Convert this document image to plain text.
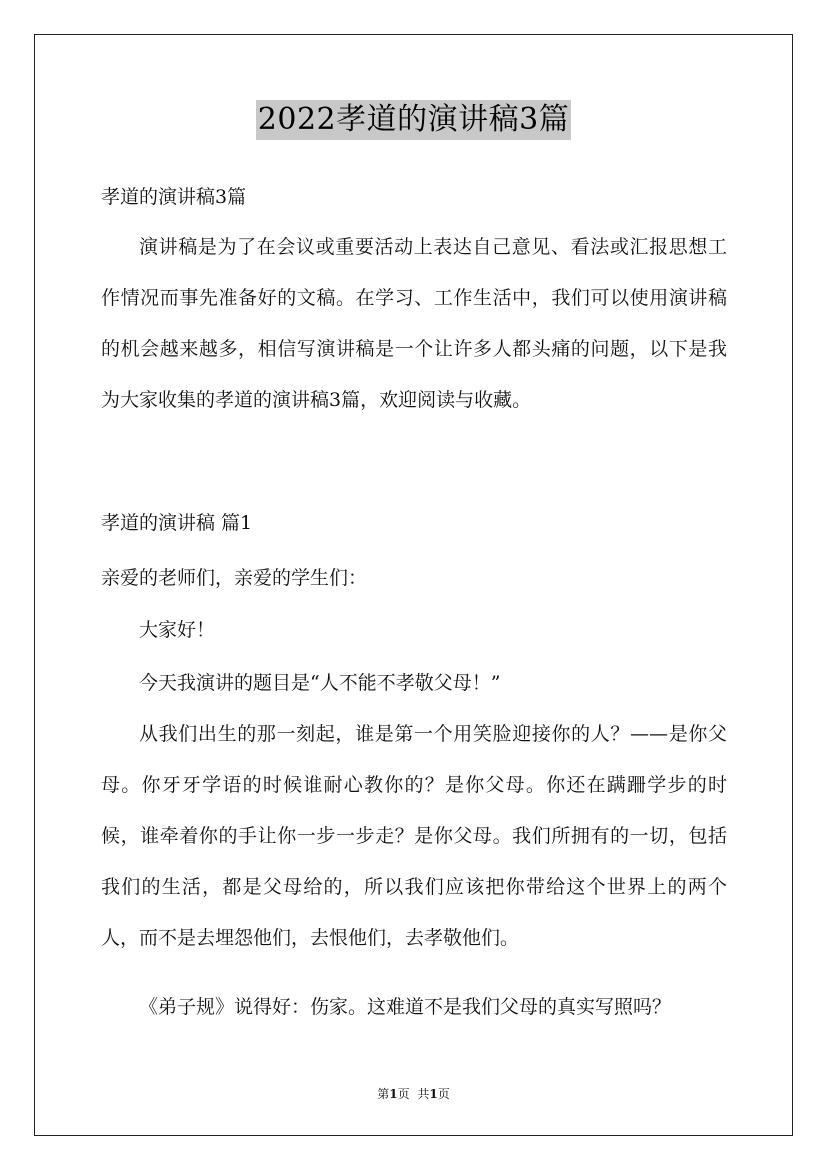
2022孝道的演讲稿3篇
孝道的演讲稿3篇

演讲稿是为了在会议或重要活动上表达自己意见、看法或汇报思想工作情况而事先准备好的文稿。在学习、工作生活中，我们可以使用演讲稿的机会越来越多，相信写演讲稿是一个让许多人都头痛的问题，以下是我为大家收集的孝道的演讲稿3篇，欢迎阅读与收藏。

孝道的演讲稿 篇1
亲爱的老师们，亲爱的学生们：

大家好！

今天我演讲的题目是“人不能不孝敬父母！”

从我们出生的那一刻起，谁是第一个用笑脸迎接你的人？——是你父母。你牙牙学语的时候谁耐心教你的？是你父母。你还在蹒跚学步的时候，谁牵着你的手让你一步一步走？是你父母。我们所拥有的一切，包括我们的生活，都是父母给的，所以我们应该把你带给这个世界上的两个人，而不是去埋怨他们，去恨他们，去孝敬他们。

《弟子规》说得好：伤家。这难道不是我们父母的真实写照吗？

第1页 共1页
